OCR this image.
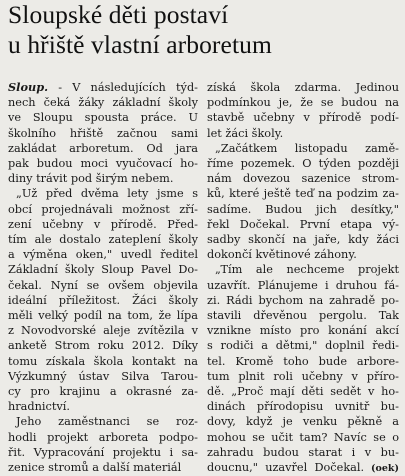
Sloupské děti postaví
u hřiště vlastní arboretum
Sloup. - V následujících týd-
nech čeká žáky základní školy
ve Sloupu spousta práce. U
školního hřiště začnou sami
zakládat arboretum. Od jara
pak budou moci vyučovací ho-
diny trávit pod širým nebem.
„Už před dvěma lety jsme s
obcí projednávali možnost zří-
zení učebny v přírodě. Před-
tím ale dostalo zateplení školy
a výměna oken," uvedl ředitel
Základní školy Sloup Pavel Do-
čekal. Nyní se ovšem objevila
ideální příležitost. Žáci školy
měli velký podíl na tom, že lípa
z Novodvorské aleje zvítězila v
anketě Strom roku 2012. Díky
tomu získala škola kontakt na
Výzkumný ústav Silva Tarou-
cy pro krajinu a okrasné za-
hradnictví.
Jeho zaměstnanci se roz-
hodli projekt arboreta podpo-
řit. Vypracování projektu i sa-
zenice stromů a další materiál
získá škola zdarma. Jedinou
podmínkou je, že se budou na
stavbě učebny v přírodě podí-
let žáci školy.
„Začátkem listopadu zamě-
říme pozemek. O týden později
nám dovezou sazenice strom-
ků, které ještě teď na podzim za-
sadíme. Budou jich desítky,"
řekl Dočekal. První etapa vý-
sadby skončí na jaře, kdy žáci
dokončí květinové záhony.
„Tím ale nechceme projekt
uzavřít. Plánujeme i druhou fá-
zi. Rádi bychom na zahradě po-
stavili dřevěnou pergolu. Tak
vznikne místo pro konání akcí
s rodiči a dětmi," doplnil ředi-
tel. Kromě toho bude arbore-
tum plnit roli učebny v příro-
dě. „Proč mají děti sedět v ho-
dinách přírodopisu uvnitř bu-
dovy, když je venku pěkně a
mohou se učit tam? Navíc se o
zahradu budou starat i v bu-
doucnu," uzavřel Dočekal. (oek)
